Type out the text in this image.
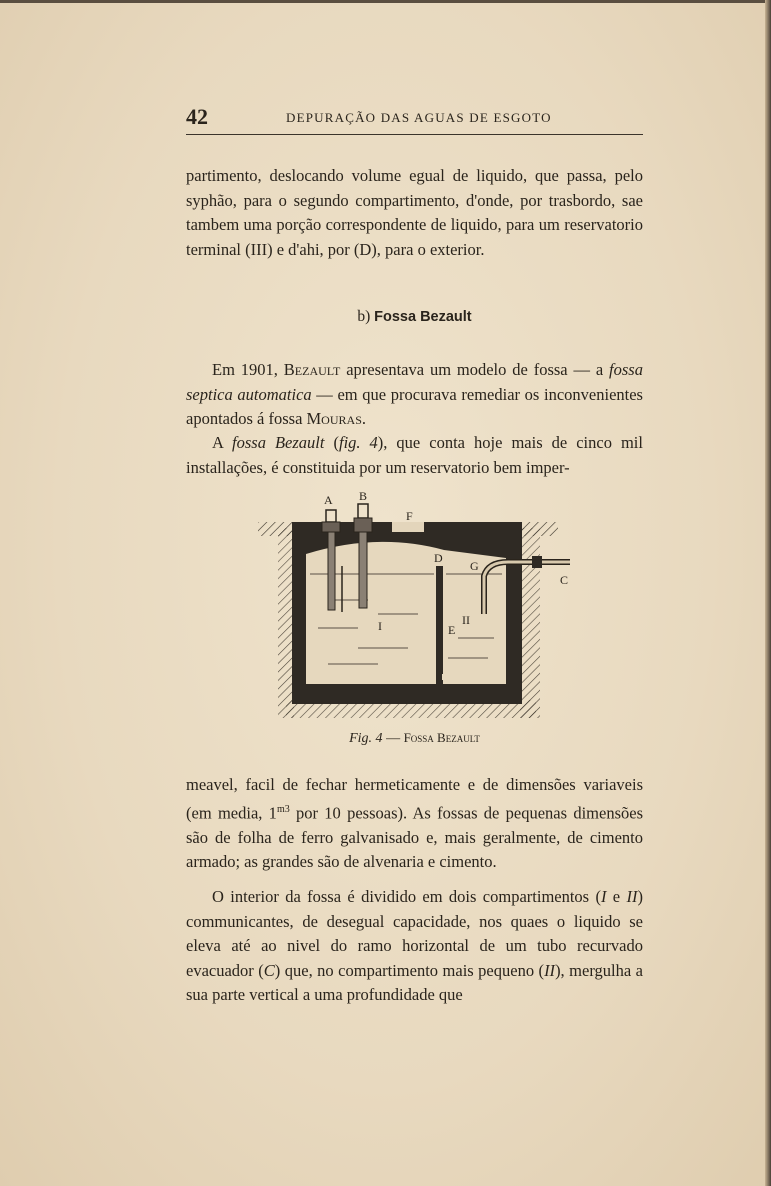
42	DEPURAÇÃO DAS AGUAS DE ESGOTO

partimento, deslocando volume egual de liquido, que passa, pelo syphão, para o segundo compartimento, d'onde, por trasbordo, sae tambem uma porção correspondente de liquido, para um reservatorio terminal (III) e d'ahi, por (D), para o exterior.

b) Fossa Bezault

Em 1901, Bezault apresentava um modelo de fossa — a fossa septica automatica — em que procurava remediar os inconvenientes apontados á fossa Mouras.

A fossa Bezault (fig. 4), que conta hoje mais de cinco mil installações, é constituida por um reservatorio bem imper-

A B
F
D
G
C
I	II
E
Fig. 4 — Fossa Bezault

meavel, facil de fechar hermeticamente e de dimensões variaveis (em media, $1^{m3}$ por 10 pessoas). As fossas de pequenas dimensões são de folha de ferro galvanisado e, mais geralmente, de cimento armado; as grandes são de alvenaria e cimento.

O interior da fossa é dividido em dois compartimentos (I e II) communicantes, de desegual capacidade, nos quaes o liquido se eleva até ao nivel do ramo horizontal de um tubo recurvado evacuador (C) que, no compartimento mais pequeno (II), mergulha a sua parte vertical a uma profundidade que
